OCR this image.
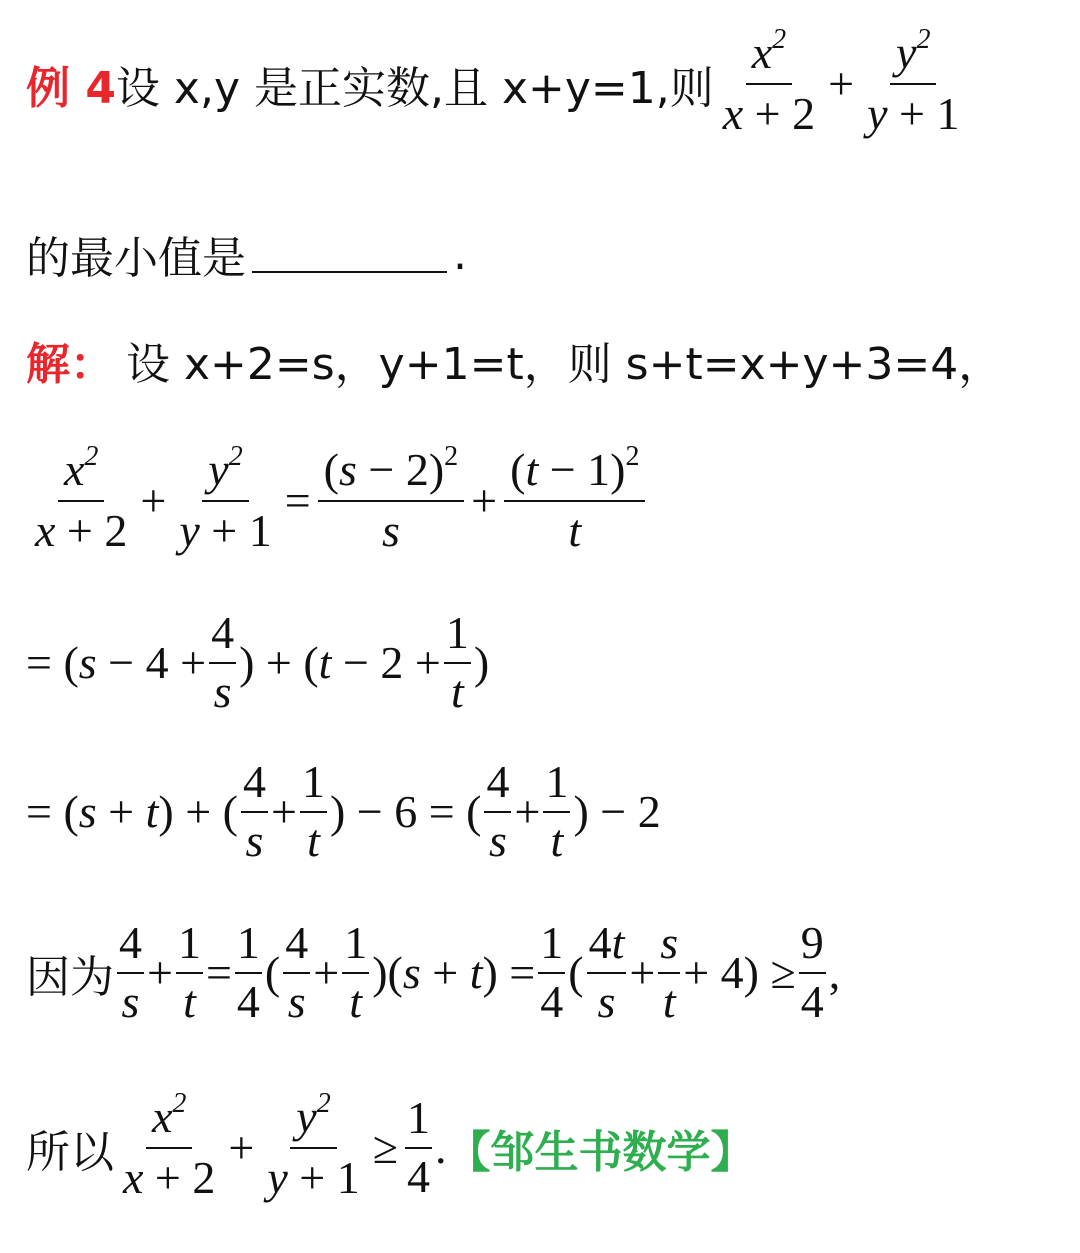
例 4 设 x,y 是正实数,且 x+y=1,则 $\frac{x^2}{x + 2} + \frac{y^2}{y + 1}$
的最小值是	.
解： 设 x+2=s，y+1=t，则 s+t=x+y+3=4，
$\frac{x^2}{x + 2} + \frac{y^2}{y + 1} = \frac{(s - 2)^2}{s} + \frac{(t - 1)^2}{t}$
= ($s - 4 + \frac{4}{s}$ ) + ($t - 2 + \frac{1}{t}$ )
= (s + t) + ( $\frac{4}{s} + \frac{1}{t}$ ) − 6 = ( $\frac{4}{s} + \frac{1}{t}$ ) − 2
因为 $\frac{4}{s} + \frac{1}{t} = \frac{1}{4}$ ( $\frac{4}{s} + \frac{1}{t} )(s + t) = \frac{1}{4}$ ( $\frac{4t}{s} + \frac{s}{t} + 4) \ge \frac{9}{4}$ ,
所以 $\frac{x^2}{x + 2} + \frac{y^2}{y + 1} \ge \frac{1}{4}$ . 【邹生书数学】
